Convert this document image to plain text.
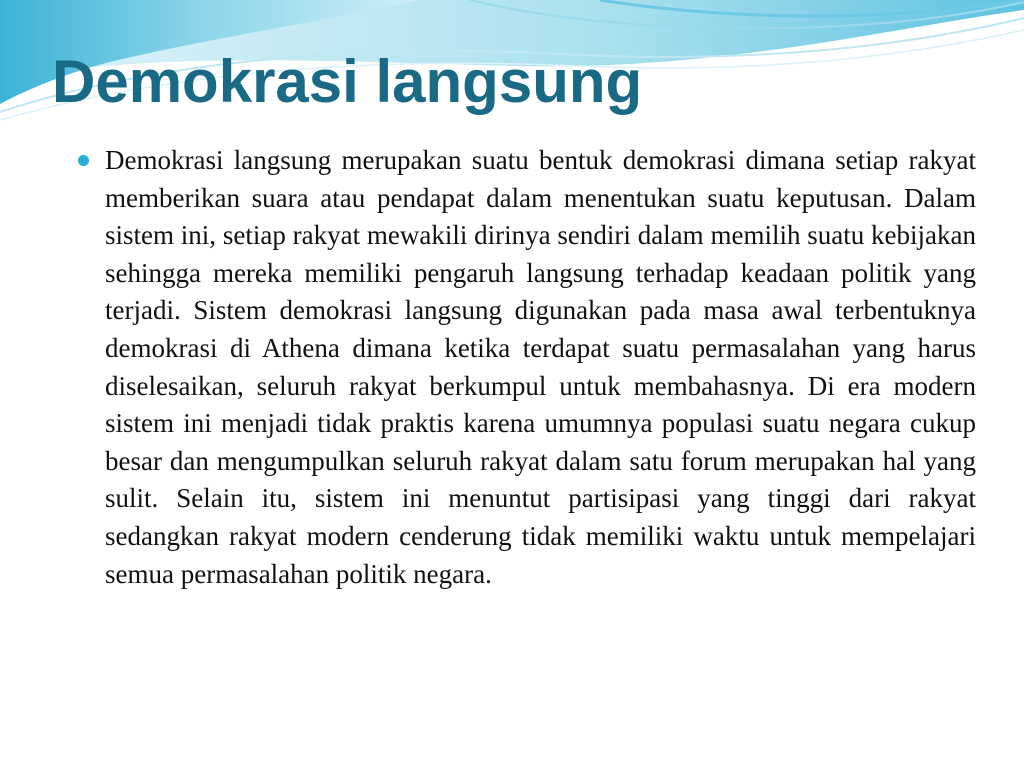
Demokrasi langsung

Demokrasi langsung merupakan suatu bentuk demokrasi dimana setiap rakyat memberikan suara atau pendapat dalam menentukan suatu keputusan. Dalam sistem ini, setiap rakyat mewakili dirinya sendiri dalam memilih suatu kebijakan sehingga mereka memiliki pengaruh langsung terhadap keadaan politik yang terjadi. Sistem demokrasi langsung digunakan pada masa awal terbentuknya demokrasi di Athena dimana ketika terdapat suatu permasalahan yang harus diselesaikan, seluruh rakyat berkumpul untuk membahasnya. Di era modern sistem ini menjadi tidak praktis karena umumnya populasi suatu negara cukup besar dan mengumpulkan seluruh rakyat dalam satu forum merupakan hal yang sulit. Selain itu, sistem ini menuntut partisipasi yang tinggi dari rakyat sedangkan rakyat modern cenderung tidak memiliki waktu untuk mempelajari semua permasalahan politik negara.
